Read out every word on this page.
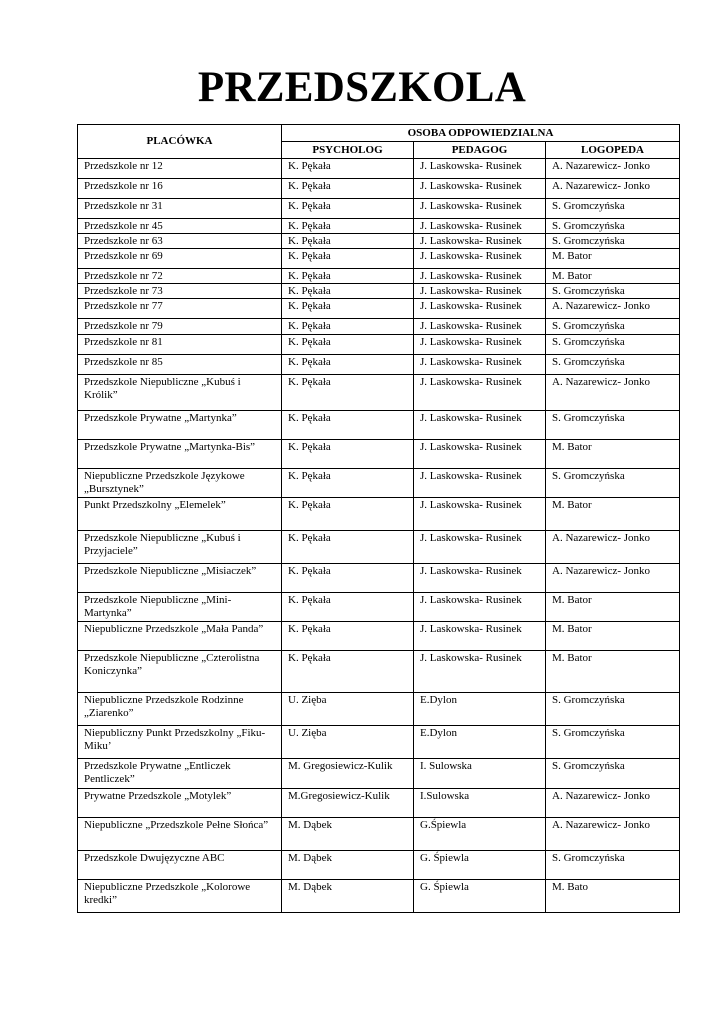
PRZEDSZKOLA
PLACÓWKA	OSOBA ODPOWIEDZIALNA		
	PSYCHOLOG	PEDAGOG	LOGOPEDA
Przedszkole nr 12	K. Pękała	J. Laskowska- Rusinek	A. Nazarewicz- Jonko
Przedszkole nr 16	K. Pękała	J. Laskowska- Rusinek	A. Nazarewicz- Jonko
Przedszkole nr 31	K. Pękała	J. Laskowska- Rusinek	S. Gromczyńska
Przedszkole nr 45	K. Pękała	J. Laskowska- Rusinek	S. Gromczyńska
Przedszkole nr 63	K. Pękała	J. Laskowska- Rusinek	S. Gromczyńska
Przedszkole nr 69	K. Pękała	J. Laskowska- Rusinek	M. Bator
Przedszkole nr 72	K. Pękała	J. Laskowska- Rusinek	M. Bator
Przedszkole nr 73	K. Pękała	J. Laskowska- Rusinek	S. Gromczyńska
Przedszkole nr 77	K. Pękała	J. Laskowska- Rusinek	A. Nazarewicz- Jonko
Przedszkole nr 79	K. Pękała	J. Laskowska- Rusinek	S. Gromczyńska
Przedszkole nr 81	K. Pękała	J. Laskowska- Rusinek	S. Gromczyńska
Przedszkole nr 85	K. Pękała	J. Laskowska- Rusinek	S. Gromczyńska
Przedszkole Niepubliczne „Kubuś i Królik”	K. Pękała	J. Laskowska- Rusinek	A. Nazarewicz- Jonko
Przedszkole Prywatne „Martynka”	K. Pękała	J. Laskowska- Rusinek	S. Gromczyńska
Przedszkole Prywatne „Martynka-Bis”	K. Pękała	J. Laskowska- Rusinek	M. Bator
Niepubliczne Przedszkole Językowe „Bursztynek”	K. Pękała	J. Laskowska- Rusinek	S. Gromczyńska
Punkt Przedszkolny „Elemelek”	K. Pękała	J. Laskowska- Rusinek	M. Bator
Przedszkole Niepubliczne „Kubuś i Przyjaciele”	K. Pękała	J. Laskowska- Rusinek	A. Nazarewicz- Jonko
Przedszkole Niepubliczne „Misiaczek”	K. Pękała	J. Laskowska- Rusinek	A. Nazarewicz- Jonko
Przedszkole Niepubliczne „Mini-Martynka”	K. Pękała	J. Laskowska- Rusinek	M. Bator
Niepubliczne Przedszkole „Mała Panda”	K. Pękała	J. Laskowska- Rusinek	M. Bator
Przedszkole Niepubliczne „Czterolistna Koniczynka”	K. Pękała	J. Laskowska- Rusinek	M. Bator
Niepubliczne Przedszkole Rodzinne „Ziarenko”	U. Zięba	E.Dylon	S. Gromczyńska
Niepubliczny Punkt Przedszkolny „Fiku-Miku’	U. Zięba	E.Dylon	S. Gromczyńska
Przedszkole Prywatne „Entliczek Pentliczek”	M. Gregosiewicz-Kulik	I. Sulowska	S. Gromczyńska
Prywatne Przedszkole „Motylek”	M.Gregosiewicz-Kulik	I.Sulowska	A. Nazarewicz- Jonko
Niepubliczne „Przedszkole Pełne Słońca”	M. Dąbek	G.Śpiewla	A. Nazarewicz- Jonko
Przedszkole Dwujęzyczne ABC	M. Dąbek	G. Śpiewla	S. Gromczyńska
Niepubliczne Przedszkole „Kolorowe kredki”	M. Dąbek	G. Śpiewla	M. Bato
